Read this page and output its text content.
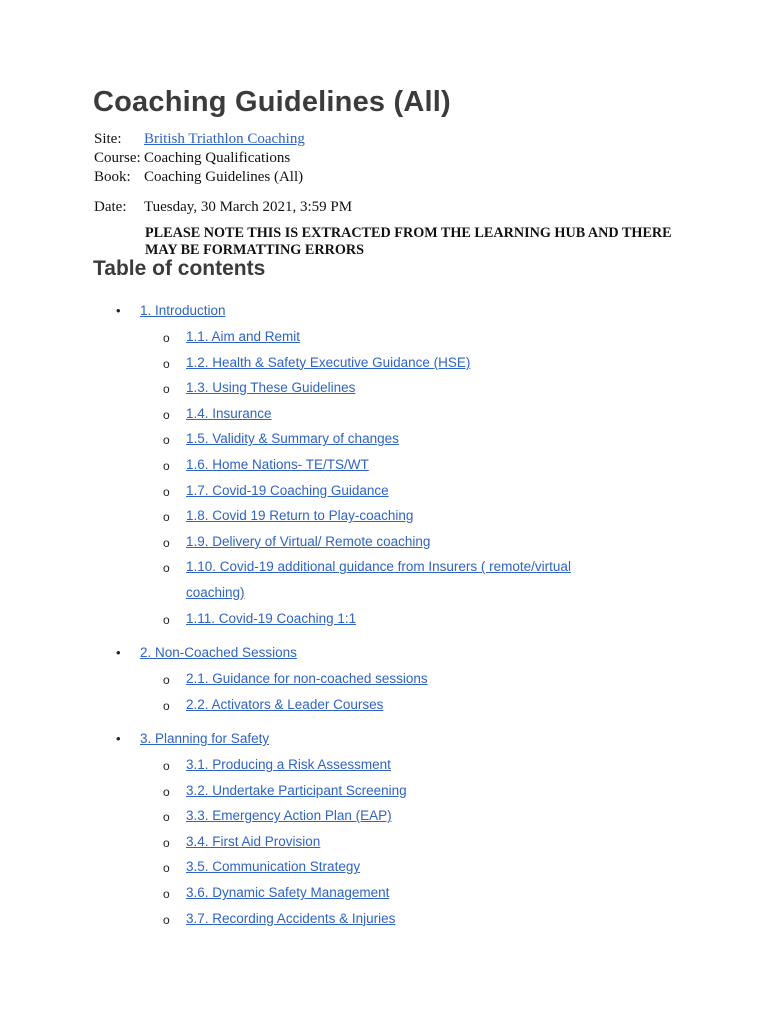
Coaching Guidelines (All)
Site:	British Triathlon Coaching
Course: Coaching Qualifications
Book: Coaching Guidelines (All)
Date:	Tuesday, 30 March 2021, 3:59 PM
PLEASE NOTE THIS IS EXTRACTED FROM THE LEARNING HUB AND THERE MAY BE FORMATTING ERRORS
Table of contents
• 1. Introduction
o 1.1. Aim and Remit
o 1.2. Health & Safety Executive Guidance (HSE)
o 1.3. Using These Guidelines
o 1.4. Insurance
o 1.5. Validity & Summary of changes
o 1.6. Home Nations- TE/TS/WT
o 1.7. Covid-19 Coaching Guidance
o 1.8. Covid 19 Return to Play-coaching
o 1.9. Delivery of Virtual/ Remote coaching
o 1.10. Covid-19 additional guidance from Insurers ( remote/virtual coaching)
o 1.11. Covid-19 Coaching 1:1
• 2. Non-Coached Sessions
o 2.1. Guidance for non-coached sessions
o 2.2. Activators & Leader Courses
• 3. Planning for Safety
o 3.1. Producing a Risk Assessment
o 3.2. Undertake Participant Screening
o 3.3. Emergency Action Plan (EAP)
o 3.4. First Aid Provision
o 3.5. Communication Strategy
o 3.6. Dynamic Safety Management
o 3.7. Recording Accidents & Injuries
